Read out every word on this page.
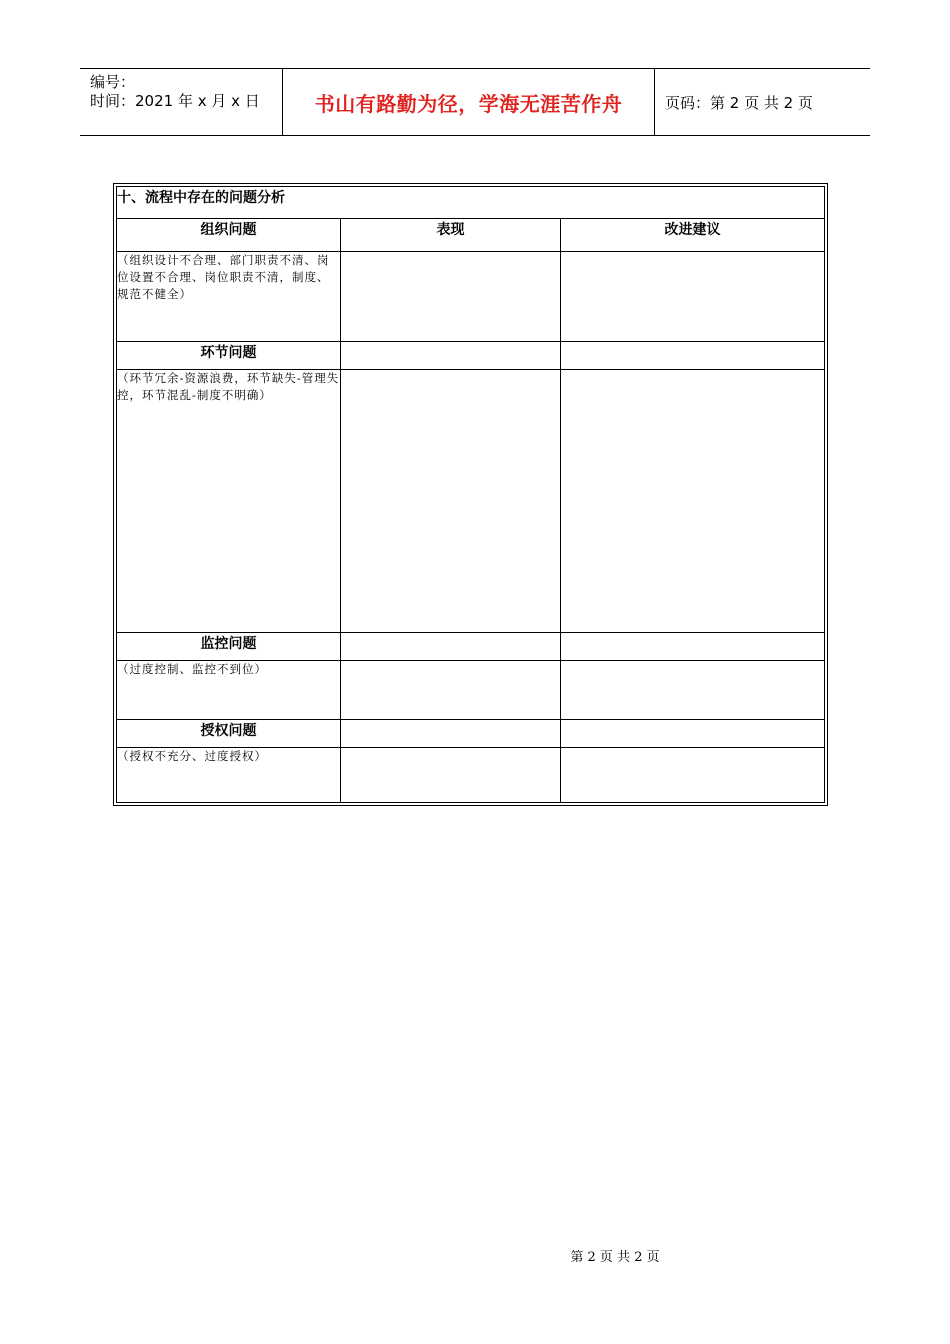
编号：
时间：2021 年 x 月 x 日	书山有路勤为径，学海无涯苦作舟	页码：第 2 页 共 2 页
十、流程中存在的问题分析		
组织问题	表现	改进建议
（组织设计不合理、部门职责不清、岗位设置不合理、岗位职责不清，制度、规范不健全）		
环节问题		
（环节冗余-资源浪费，环节缺失-管理失控，环节混乱-制度不明确）		
监控问题		
（过度控制、监控不到位）		
授权问题		
（授权不充分、过度授权）		
第 2 页 共 2 页
